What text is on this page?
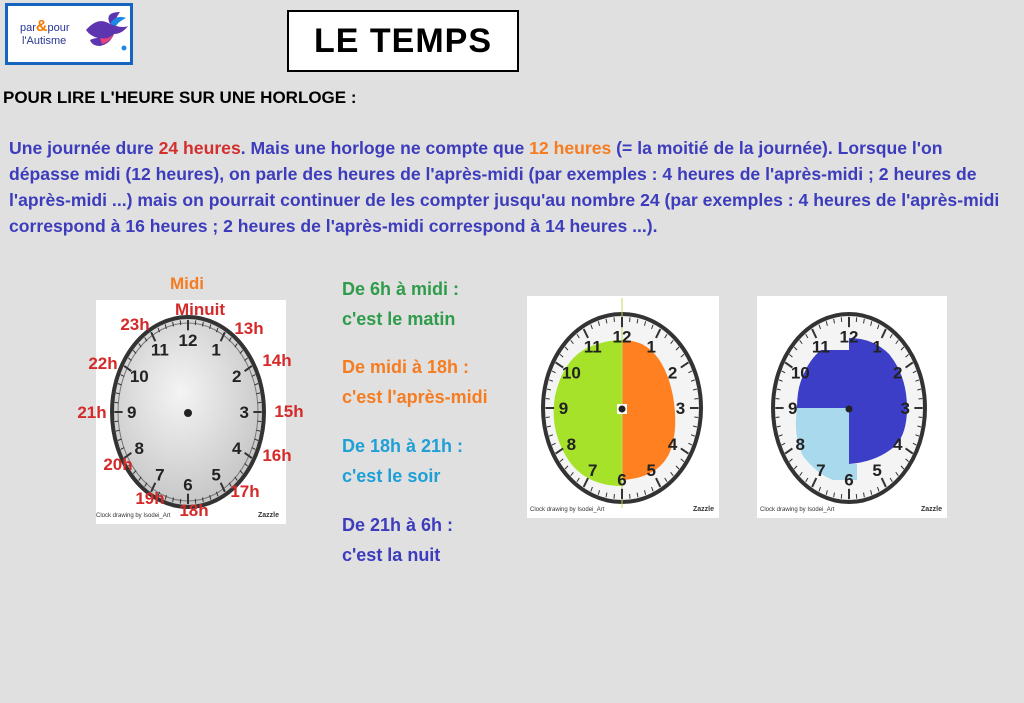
par&pour
l'Autisme	LE TEMPS
POUR LIRE L'HEURE SUR UNE HORLOGE :
Une journée dure 24 heures. Mais une horloge ne compte que 12 heures (= la moitié de la journée). Lorsque l'on dépasse midi (12 heures), on parle des heures de l'après-midi (par exemples : 4 heures de l'après-midi ; 2 heures de l'après-midi ...) mais on pourrait continuer de les compter jusqu'au nombre 24 (par exemples : 4 heures de l'après-midi correspond à 16 heures ; 2 heures de l'après-midi correspond à 14 heures ...).
Midi
12
1
2
3
4
5
6
7
8
9
10
11
Clock drawing by Isodei_Art	Zazzle
Minuit
13h
14h
15h
16h
17h
18h
19h
20h
21h
22h
23h
De 6h à midi :
c'est le matin
De midi à 18h :
c'est l'après-midi
De 18h à 21h :
c'est le soir
De 21h à 6h :
c'est la nuit
12
1
2
3
4
5
6
7
8
9
10
11
Clock drawing by Isodei_Art	Zazzle
12
1
2
3
4
5
6
7
8
9
10
11
Clock drawing by Isodei_Art	Zazzle
